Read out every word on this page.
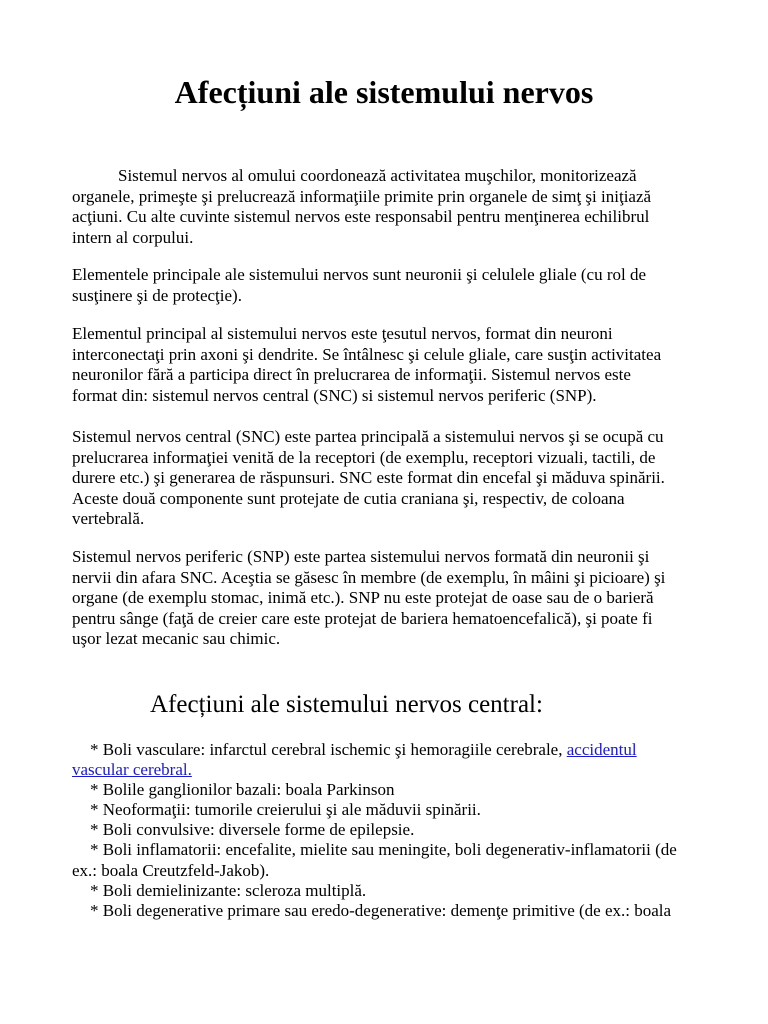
Afecțiuni ale sistemului nervos
Sistemul nervos al omului coordonează activitatea muşchilor, monitorizează
organele, primeşte şi prelucrează informaţiile primite prin organele de simţ şi iniţiază
acţiuni. Cu alte cuvinte sistemul nervos este responsabil pentru menţinerea echilibrul
intern al corpului.
Elementele principale ale sistemului nervos sunt neuronii şi celulele gliale (cu rol de
susţinere şi de protecţie).
Elementul principal al sistemului nervos este ţesutul nervos, format din neuroni
interconectaţi prin axoni şi dendrite. Se întâlnesc şi celule gliale, care susţin activitatea
neuronilor fără a participa direct în prelucrarea de informaţii. Sistemul nervos este
format din: sistemul nervos central (SNC) si sistemul nervos periferic (SNP).
Sistemul nervos central (SNC) este partea principală a sistemului nervos şi se ocupă cu
prelucrarea informaţiei venită de la receptori (de exemplu, receptori vizuali, tactili, de
durere etc.) şi generarea de răspunsuri. SNC este format din encefal şi măduva spinării.
Aceste două componente sunt protejate de cutia craniana şi, respectiv, de coloana
vertebrală.
Sistemul nervos periferic (SNP) este partea sistemului nervos formată din neuronii şi
nervii din afara SNC. Aceştia se găsesc în membre (de exemplu, în mâini şi picioare) şi
organe (de exemplu stomac, inimă etc.). SNP nu este protejat de oase sau de o barieră
pentru sânge (faţă de creier care este protejat de bariera hematoencefalică), şi poate fi
uşor lezat mecanic sau chimic.
Afecțiuni ale sistemului nervos central:
* Boli vasculare: infarctul cerebral ischemic şi hemoragiile cerebrale, accidentul
vascular cerebral.
* Bolile ganglionilor bazali: boala Parkinson
* Neoformaţii: tumorile creierului şi ale măduvii spinării.
* Boli convulsive: diversele forme de epilepsie.
* Boli inflamatorii: encefalite, mielite sau meningite, boli degenerativ-inflamatorii (de
ex.: boala Creutzfeld-Jakob).
* Boli demielinizante: scleroza multiplă.
* Boli degenerative primare sau eredo-degenerative: demenţe primitive (de ex.: boala
